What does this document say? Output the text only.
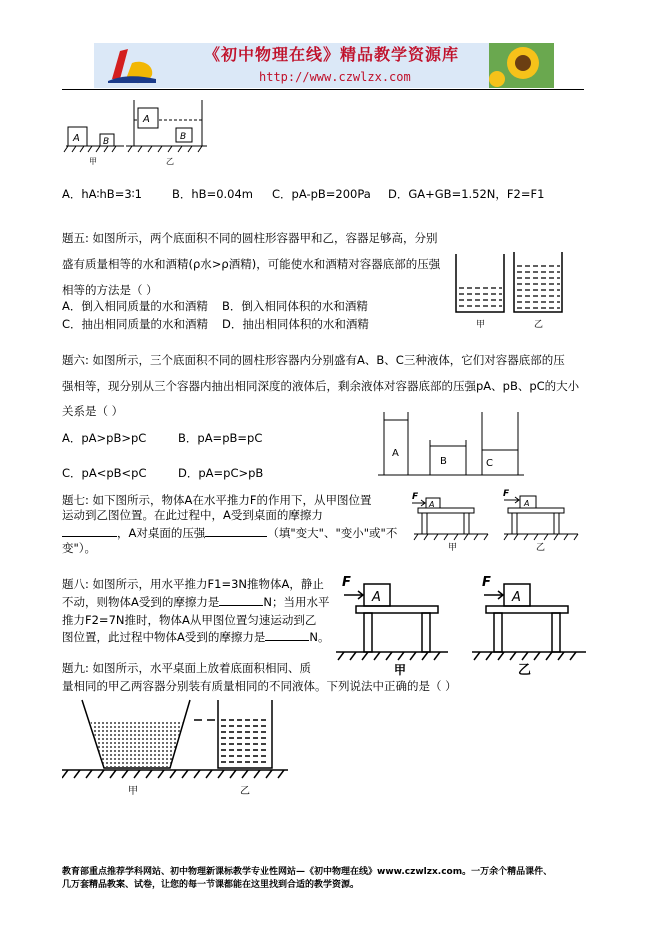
《初中物理在线》精品教学资源库
http://www.czwlzx.com
A	B
A
B
甲	乙
A．hA∶hB=3∶1	B．hB=0.04m C．pA-pB=200Pa D．GA+GB=1.52N，F2=F1
题五: 如图所示，两个底面积不同的圆柱形容器甲和乙，容器足够高，分别
盛有质量相等的水和酒精(ρ水>ρ酒精)，可能使水和酒精对容器底部的压强
相等的方法是（ ）
A．倒入相同质量的水和酒精 B．倒入相同体积的水和酒精
C．抽出相同质量的水和酒精 D．抽出相同体积的水和酒精	甲	乙
题六: 如图所示，三个底面积不同的圆柱形容器内分别盛有A、B、C三种液体，它们对容器底部的压
强相等，现分别从三个容器内抽出相同深度的液体后，剩余液体对容器底部的压强pA、pB、pC的大小
关系是（ ）
A．pA>pB>pC	B．pA=pB=pC
C．pA<pB<pC	D．pA=pC>pB
A
B	C
题七: 如下图所示，物体A在水平推力F的作用下，从甲图位置
运动到乙图位置。在此过程中，A受到桌面的摩擦力
，A对桌面的压强	（填"变大"、"变小"或"不
变"）。
F
A
F
A
甲	乙
题八: 如图所示，用水平推力F1=3N推物体A，静止
不动，则物体A受到的摩擦力是	N；当用水平
推力F2=7N推时，物体A从甲图位置匀速运动到乙
图位置，此过程中物体A受到的摩擦力是	N。
F
A
F
A
甲	乙
题九: 如图所示，水平桌面上放着底面积相同、质
量相同的甲乙两容器分别装有质量相同的不同液体。下列说法中正确的是（ ）
甲	乙
教育部重点推荐学科网站、初中物理新课标教学专业性网站—《初中物理在线》www.czwlzx.com。一万余个精品课件、
几万套精品教案、试卷，让您的每一节课都能在这里找到合适的教学资源。
